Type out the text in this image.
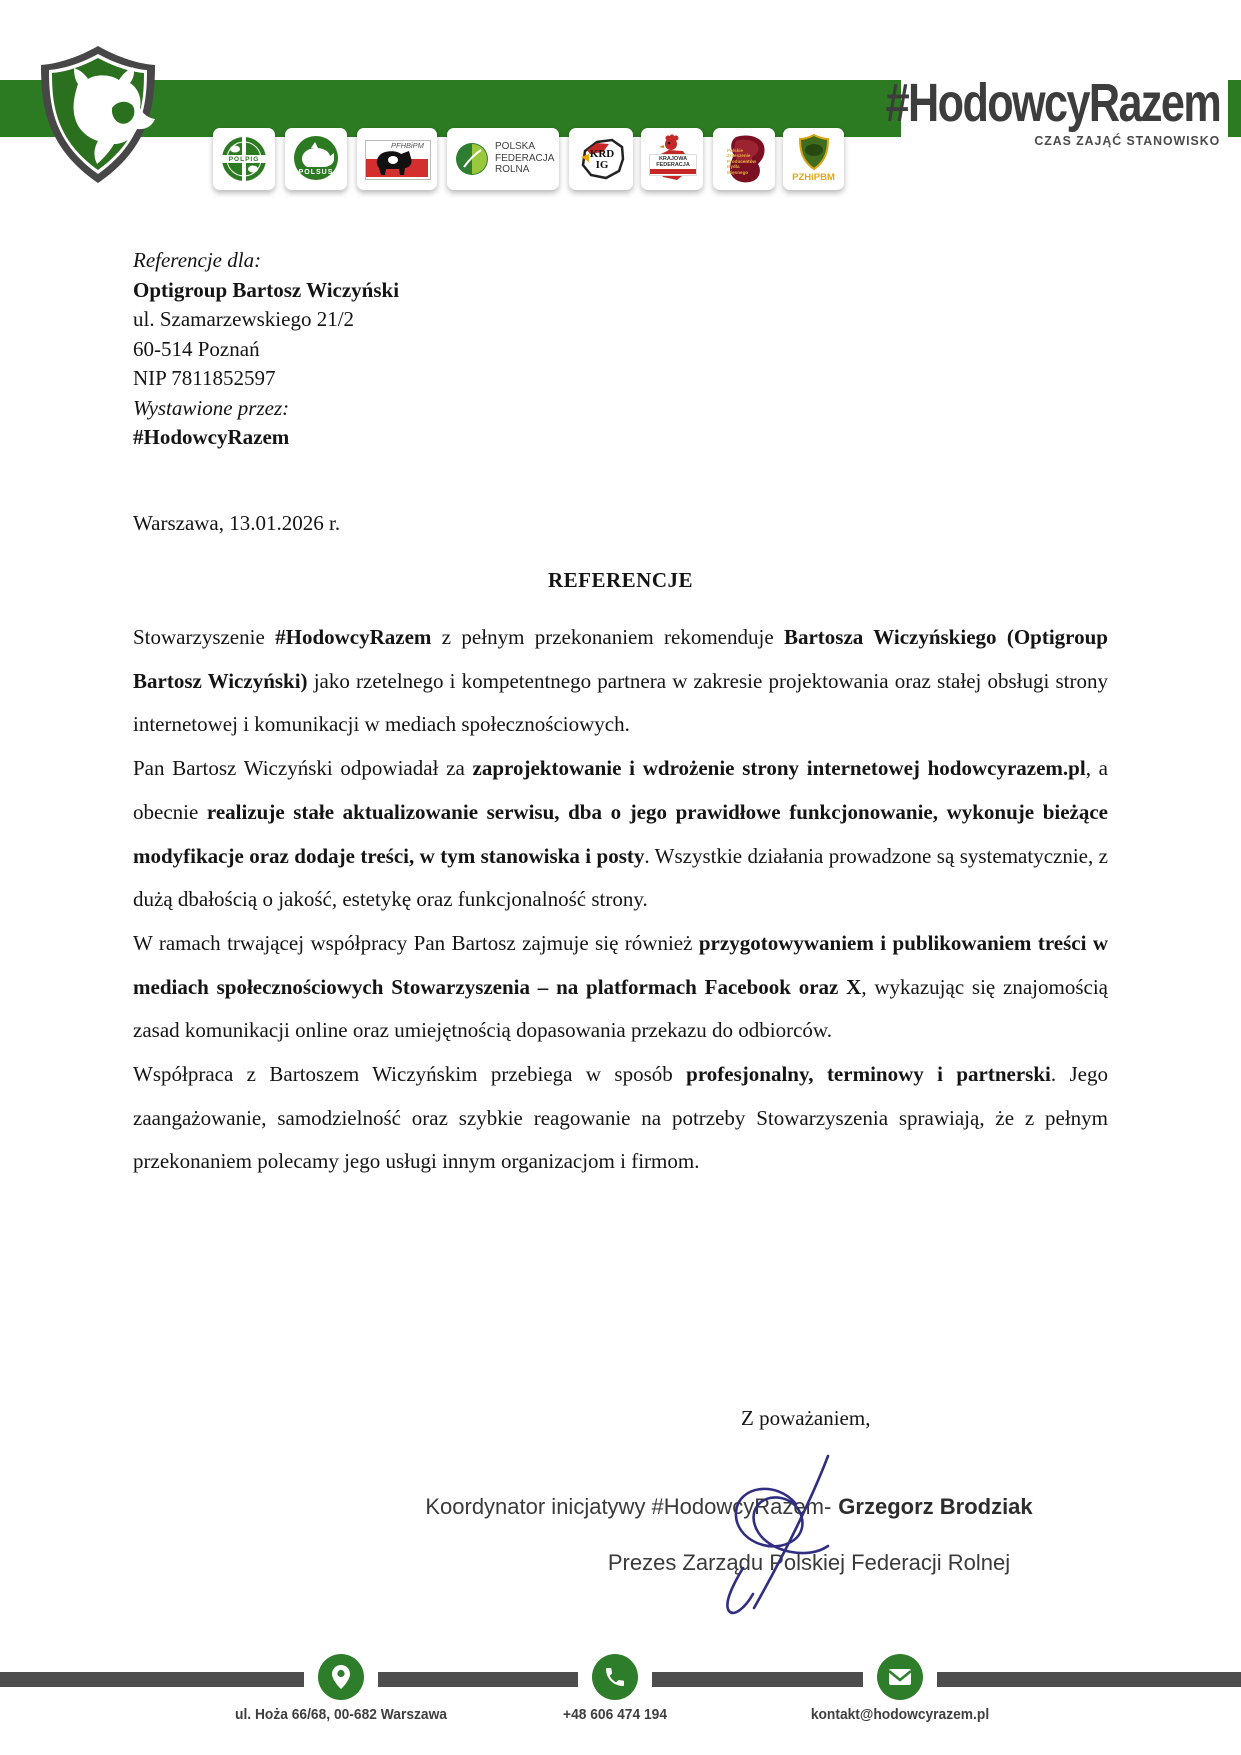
#HodowcyRazem
CZAS ZAJĄĆ STANOWISKO
POLPIG
POLSUS
PFHBiPM	POLSKA FEDERACJA ROLNA
KRD IG	KRAJOWA FEDERACJA
Polskie Zrzeszenie Producentów Bydła Mięsnego	PZHiPBM
Referencje dla:
Optigroup Bartosz Wiczyński
ul. Szamarzewskiego 21/2
60-514 Poznań
NIP 7811852597
Wystawione przez:
#HodowcyRazem
Warszawa, 13.01.2026 r.
REFERENCJE

Stowarzyszenie #HodowcyRazem z pełnym przekonaniem rekomenduje Bartosza Wiczyńskiego (Optigroup Bartosz Wiczyński) jako rzetelnego i kompetentnego partnera w zakresie projektowania oraz stałej obsługi strony internetowej i komunikacji w mediach społecznościowych.

Pan Bartosz Wiczyński odpowiadał za zaprojektowanie i wdrożenie strony internetowej hodowcyrazem.pl, a obecnie realizuje stałe aktualizowanie serwisu, dba o jego prawidłowe funkcjonowanie, wykonuje bieżące modyfikacje oraz dodaje treści, w tym stanowiska i posty. Wszystkie działania prowadzone są systematycznie, z dużą dbałością o jakość, estetykę oraz funkcjonalność strony.

W ramach trwającej współpracy Pan Bartosz zajmuje się również przygotowywaniem i publikowaniem treści w mediach społecznościowych Stowarzyszenia – na platformach Facebook oraz X, wykazując się znajomością zasad komunikacji online oraz umiejętnością dopasowania przekazu do odbiorców.

Współpraca z Bartoszem Wiczyńskim przebiega w sposób profesjonalny, terminowy i partnerski. Jego zaangażowanie, samodzielność oraz szybkie reagowanie na potrzeby Stowarzyszenia sprawiają, że z pełnym przekonaniem polecamy jego usługi innym organizacjom i firmom.

Z poważaniem,
Koordynator inicjatywy #HodowcyRazem- Grzegorz Brodziak
Prezes Zarządu Polskiej Federacji Rolnej
ul. Hoża 66/68, 00-682 Warszawa	+48 606 474 194	kontakt@hodowcyrazem.pl
